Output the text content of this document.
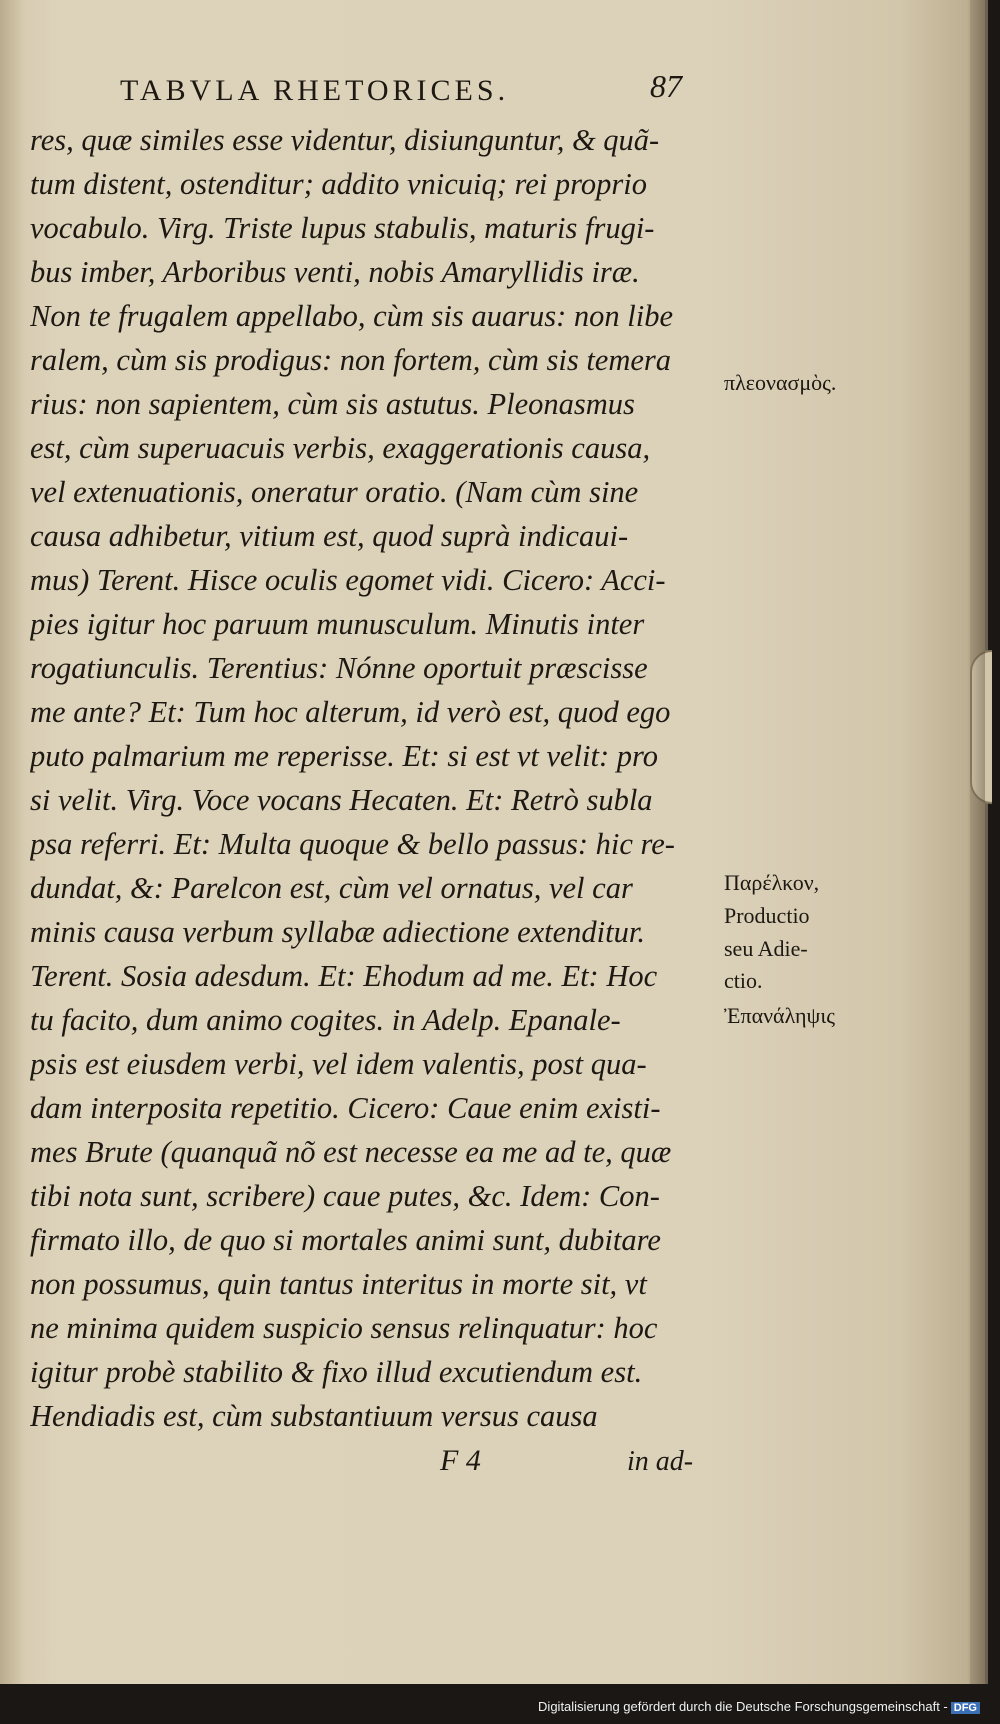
TABVLA RHETORICES.	87
res, quæ similes esse videntur, disiunguntur, & quã-
tum distent, ostenditur; addito vnicuiq; rei proprio
vocabulo. Virg. Triste lupus stabulis, maturis frugi-
bus imber, Arboribus venti, nobis Amaryllidis iræ.
Non te frugalem appellabo, cùm sis auarus: non libe
ralem, cùm sis prodigus: non fortem, cùm sis temera
rius: non sapientem, cùm sis astutus. Pleonasmus
est, cùm superuacuis verbis, exaggerationis causa,
vel extenuationis, oneratur oratio. (Nam cùm sine
causa adhibetur, vitium est, quod suprà indicaui-
mus) Terent. Hisce oculis egomet vidi. Cicero: Acci-
pies igitur hoc paruum munusculum. Minutis inter
rogatiunculis. Terentius: Nónne oportuit præscisse
me ante? Et: Tum hoc alterum, id verò est, quod ego
puto palmarium me reperisse. Et: si est vt velit: pro
si velit. Virg. Voce vocans Hecaten. Et: Retrò subla
psa referri. Et: Multa quoque & bello passus: hic re-
dundat, &: Parelcon est, cùm vel ornatus, vel car
minis causa verbum syllabæ adiectione extenditur.
Terent. Sosia adesdum. Et: Ehodum ad me. Et: Hoc
tu facito, dum animo cogites. in Adelp. Epanale-
psis est eiusdem verbi, vel idem valentis, post qua-
dam interposita repetitio. Cicero: Caue enim existi-
mes Brute (quanquã nõ est necesse ea me ad te, quæ
tibi nota sunt, scribere) caue putes, &c. Idem: Con-
firmato illo, de quo si mortales animi sunt, dubitare
non possumus, quin tantus interitus in morte sit, vt
ne minima quidem suspicio sensus relinquatur: hoc
igitur probè stabilito & fixo illud excutiendum est.
Hendiadis est, cùm substantiuum versus causa
πλεονασμὸς.
Παρέλκον,
Productio
seu Adie-
ctio.
Ἐπανάληψις
F 4	in ad-
Digitalisierung gefördert durch die Deutsche Forschungsgemeinschaft - DFG
